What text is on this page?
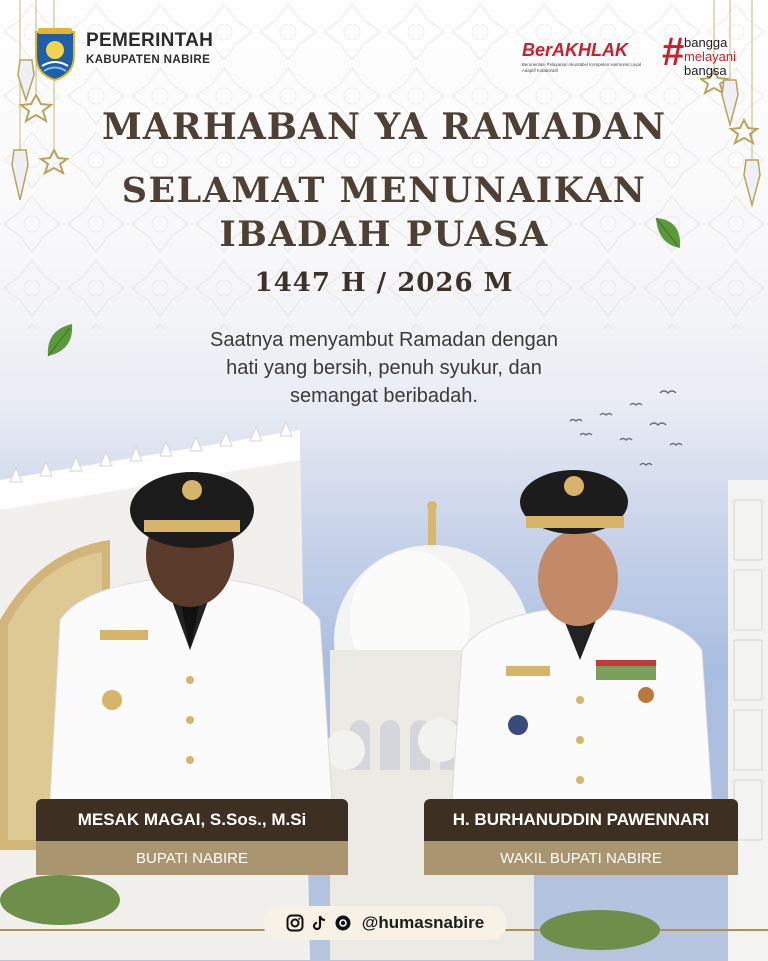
PEMERINTAH
KABUPATEN NABIRE	BerAKHLAK
Berorientasi Pelayanan Akuntabel Kompeten Harmonis Loyal Adaptif Kolaboratif	# bangga
melayani
bangsa
MARHABAN YA RAMADAN
SELAMAT MENUNAIKAN
IBADAH PUASA
1447 H / 2026 M
Saatnya menyambut Ramadan dengan
hati yang bersih, penuh syukur, dan
semangat beribadah.
MESAK MAGAI, S.Sos., M.Si
BUPATI NABIRE
H. BURHANUDDIN PAWENNARI
WAKIL BUPATI NABIRE
@humasnabire
